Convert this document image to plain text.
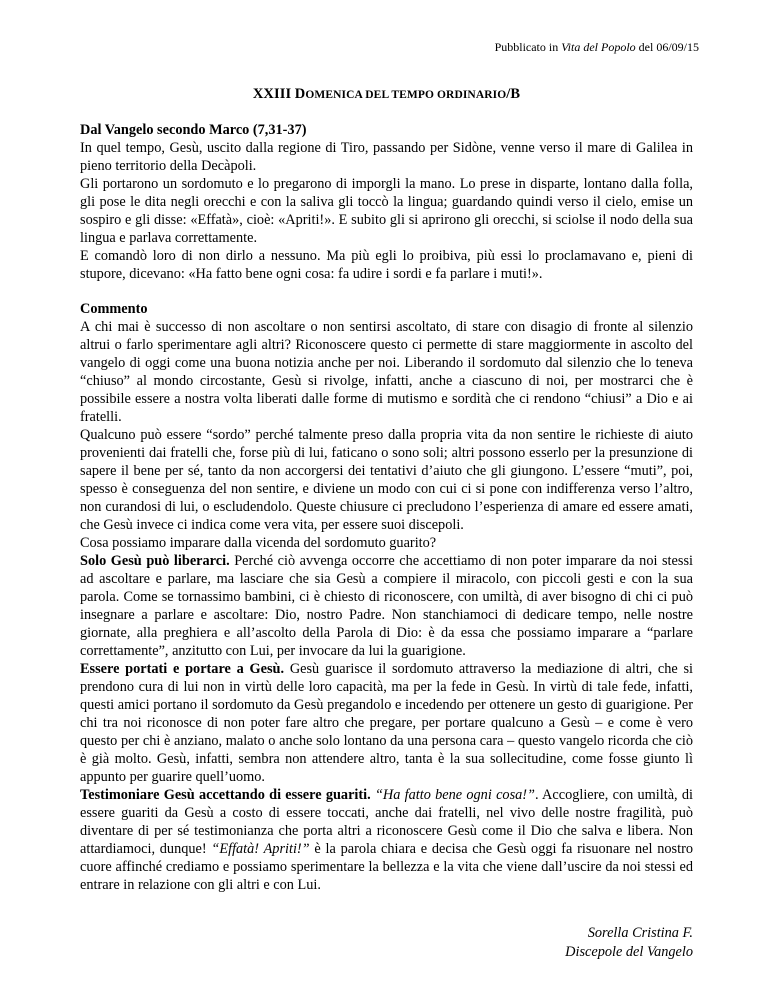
Pubblicato in Vita del Popolo del 06/09/15
XXIII DOMENICA DEL TEMPO ORDINARIO/B

Dal Vangelo secondo Marco (7,31-37)

In quel tempo, Gesù, uscito dalla regione di Tiro, passando per Sidòne, venne verso il mare di Galilea in pieno territorio della Decàpoli.

Gli portarono un sordomuto e lo pregarono di imporgli la mano. Lo prese in disparte, lontano dalla folla, gli pose le dita negli orecchi e con la saliva gli toccò la lingua; guardando quindi verso il cielo, emise un sospiro e gli disse: «Effatà», cioè: «Apriti!». E subito gli si aprirono gli orecchi, si sciolse il nodo della sua lingua e parlava correttamente.

E comandò loro di non dirlo a nessuno. Ma più egli lo proibiva, più essi lo proclamavano e, pieni di stupore, dicevano: «Ha fatto bene ogni cosa: fa udire i sordi e fa parlare i muti!».

Commento

A chi mai è successo di non ascoltare o non sentirsi ascoltato, di stare con disagio di fronte al silenzio altrui o farlo sperimentare agli altri? Riconoscere questo ci permette di stare maggiormente in ascolto del vangelo di oggi come una buona notizia anche per noi. Liberando il sordomuto dal silenzio che lo teneva “chiuso” al mondo circostante, Gesù si rivolge, infatti, anche a ciascuno di noi, per mostrarci che è possibile essere a nostra volta liberati dalle forme di mutismo e sordità che ci rendono “chiusi” a Dio e ai fratelli.

Qualcuno può essere “sordo” perché talmente preso dalla propria vita da non sentire le richieste di aiuto provenienti dai fratelli che, forse più di lui, faticano o sono soli; altri possono esserlo per la presunzione di sapere il bene per sé, tanto da non accorgersi dei tentativi d’aiuto che gli giungono. L’essere “muti”, poi, spesso è conseguenza del non sentire, e diviene un modo con cui ci si pone con indifferenza verso l’altro, non curandosi di lui, o escludendolo. Queste chiusure ci precludono l’esperienza di amare ed essere amati, che Gesù invece ci indica come vera vita, per essere suoi discepoli.

Cosa possiamo imparare dalla vicenda del sordomuto guarito?

Solo Gesù può liberarci. Perché ciò avvenga occorre che accettiamo di non poter imparare da noi stessi ad ascoltare e parlare, ma lasciare che sia Gesù a compiere il miracolo, con piccoli gesti e con la sua parola. Come se tornassimo bambini, ci è chiesto di riconoscere, con umiltà, di aver bisogno di chi ci può insegnare a parlare e ascoltare: Dio, nostro Padre. Non stanchiamoci di dedicare tempo, nelle nostre giornate, alla preghiera e all’ascolto della Parola di Dio: è da essa che possiamo imparare a “parlare correttamente”, anzitutto con Lui, per invocare da lui la guarigione.

Essere portati e portare a Gesù. Gesù guarisce il sordomuto attraverso la mediazione di altri, che si prendono cura di lui non in virtù delle loro capacità, ma per la fede in Gesù. In virtù di tale fede, infatti, questi amici portano il sordomuto da Gesù pregandolo e incedendo per ottenere un gesto di guarigione. Per chi tra noi riconosce di non poter fare altro che pregare, per portare qualcuno a Gesù – e come è vero questo per chi è anziano, malato o anche solo lontano da una persona cara – questo vangelo ricorda che ciò è già molto. Gesù, infatti, sembra non attendere altro, tanta è la sua sollecitudine, come fosse giunto lì appunto per guarire quell’uomo.

Testimoniare Gesù accettando di essere guariti. “Ha fatto bene ogni cosa!”. Accogliere, con umiltà, di essere guariti da Gesù a costo di essere toccati, anche dai fratelli, nel vivo delle nostre fragilità, può diventare di per sé testimonianza che porta altri a riconoscere Gesù come il Dio che salva e libera. Non attardiamoci, dunque! “Effatà! Apriti!” è la parola chiara e decisa che Gesù oggi fa risuonare nel nostro cuore affinché crediamo e possiamo sperimentare la bellezza e la vita che viene dall’uscire da noi stessi ed entrare in relazione con gli altri e con Lui.

Sorella Cristina F.
Discepole del Vangelo
